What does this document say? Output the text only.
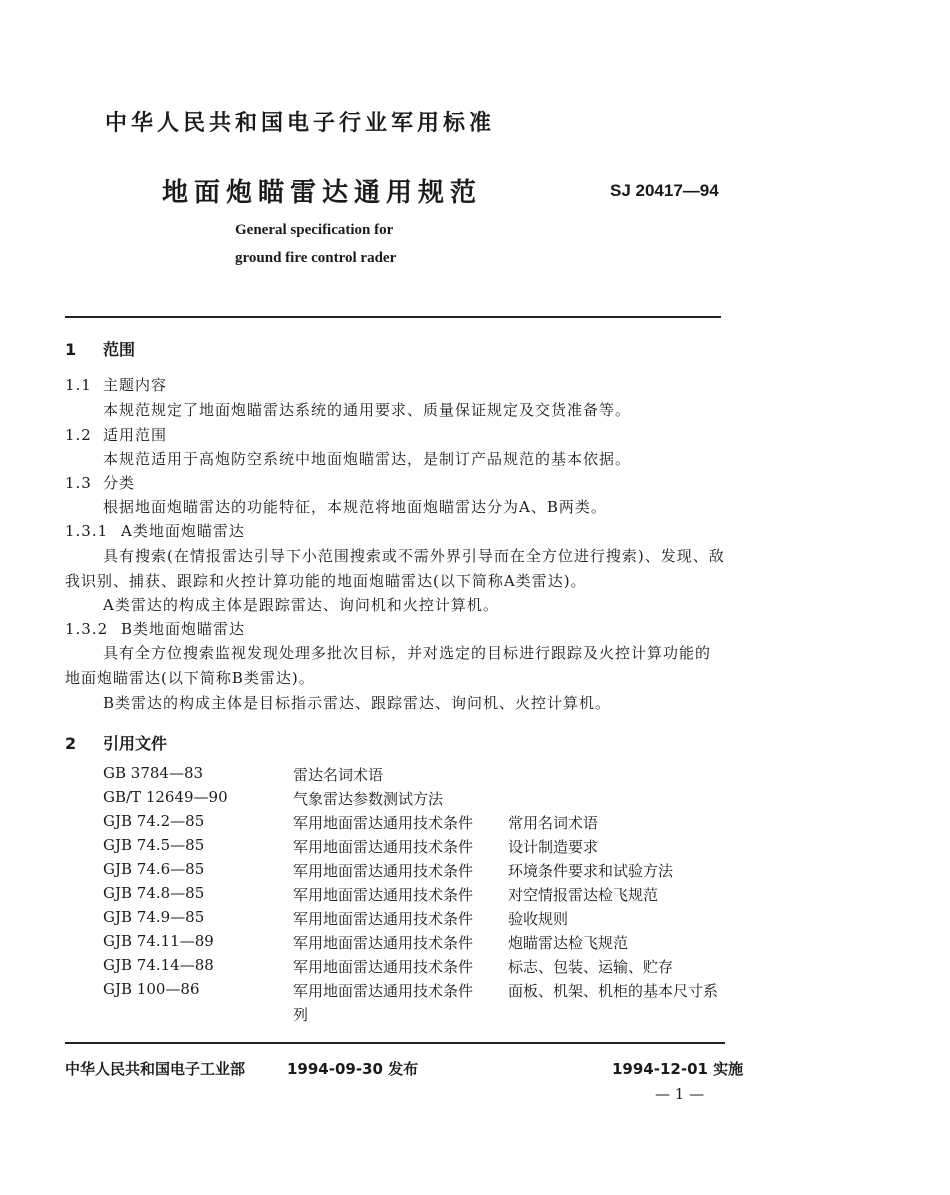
中华人民共和国电子行业军用标准
地面炮瞄雷达通用规范	SJ 20417—94
General specification for
ground fire control rader
1 范围
1.1 主题内容
本规范规定了地面炮瞄雷达系统的通用要求、质量保证规定及交货准备等。
1.2 适用范围
本规范适用于高炮防空系统中地面炮瞄雷达，是制订产品规范的基本依据。
1.3 分类
根据地面炮瞄雷达的功能特征，本规范将地面炮瞄雷达分为A、B两类。
1.3.1 A类地面炮瞄雷达
具有搜索(在情报雷达引导下小范围搜索或不需外界引导而在全方位进行搜索)、发现、敌
我识别、捕获、跟踪和火控计算功能的地面炮瞄雷达(以下简称A类雷达)。
A类雷达的构成主体是跟踪雷达、询问机和火控计算机。
1.3.2 B类地面炮瞄雷达
具有全方位搜索监视发现处理多批次目标，并对选定的目标进行跟踪及火控计算功能的
地面炮瞄雷达(以下简称B类雷达)。
B类雷达的构成主体是目标指示雷达、跟踪雷达、询问机、火控计算机。
2 引用文件
GB 3784—83	雷达名词术语
GB/T 12649—90	气象雷达参数测试方法
GJB 74.2—85	军用地面雷达通用技术条件	常用名词术语
GJB 74.5—85	军用地面雷达通用技术条件	设计制造要求
GJB 74.6—85	军用地面雷达通用技术条件	环境条件要求和试验方法
GJB 74.8—85	军用地面雷达通用技术条件	对空情报雷达检飞规范
GJB 74.9—85	军用地面雷达通用技术条件	验收规则
GJB 74.11—89	军用地面雷达通用技术条件	炮瞄雷达检飞规范
GJB 74.14—88	军用地面雷达通用技术条件	标志、包装、运输、贮存
GJB 100—86	军用地面雷达通用技术条件	面板、机架、机柜的基本尺寸系
列
中华人民共和国电子工业部	1994-09-30 发布	1994-12-01 实施
— 1 —
